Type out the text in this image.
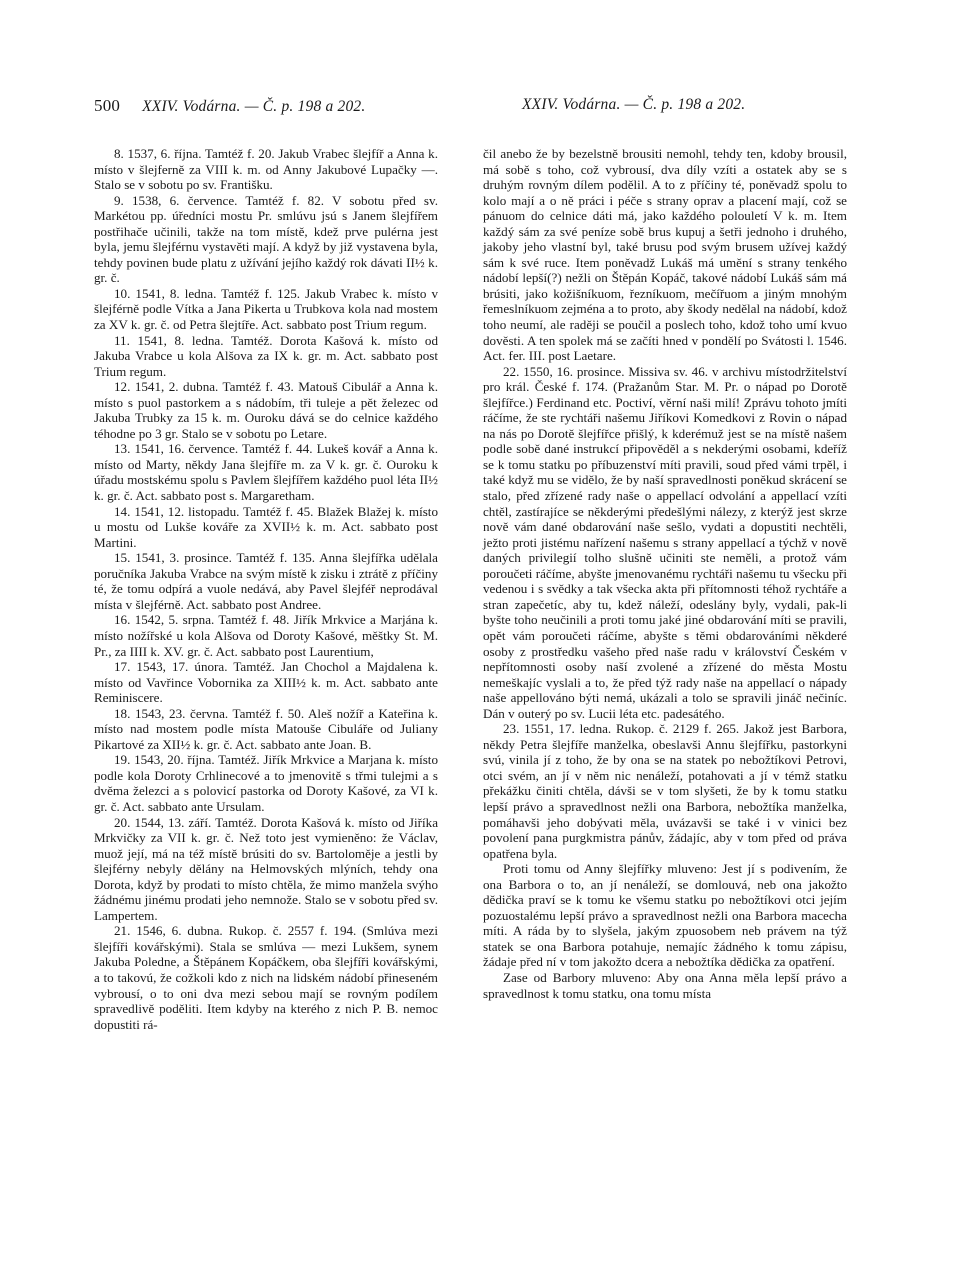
500 XXIV. Vodárna. — Č. p. 198 a 202.	XXIV. Vodárna. — Č. p. 198 a 202.

8. 1537, 6. října. Tamtéž f. 20. Jakub Vrabec šlejfíř a Anna k. místo v šlejferně za VIII k. m. od Anny Jakubové Lupačky —. Stalo se v sobotu po sv. Františku.

9. 1538, 6. července. Tamtéž f. 82. V sobotu před sv. Markétou pp. úředníci mostu Pr. smlúvu jsú s Janem šlejfířem postřihače učinili, takže na tom místě, kdež prve pulérna jest byla, jemu šlejférnu vystavěti mají. A když by již vystavena byla, tehdy povinen bude platu z užívání jejího každý rok dávati II½ k. gr. č.

10. 1541, 8. ledna. Tamtéž f. 125. Jakub Vrabec k. místo v šlejférně podle Vítka a Jana Pikerta u Trubkova kola nad mostem za XV k. gr. č. od Petra šlejtíře. Act. sabbato post Trium regum.

11. 1541, 8. ledna. Tamtéž. Dorota Kašová k. místo od Jakuba Vrabce u kola Alšova za IX k. gr. m. Act. sabbato post Trium regum.

12. 1541, 2. dubna. Tamtéž f. 43. Matouš Cibulář a Anna k. místo s puol pastorkem a s nádobím, tři tuleje a pět železec od Jakuba Trubky za 15 k. m. Ouroku dává se do celnice každého téhodne po 3 gr. Stalo se v sobotu po Letare.

13. 1541, 16. července. Tamtéž f. 44. Lukeš kovář a Anna k. místo od Marty, někdy Jana šlejfíře m. za V k. gr. č. Ouroku k úřadu mostskému spolu s Pavlem šlejfířem každého puol léta II½ k. gr. č. Act. sabbato post s. Margaretham.

14. 1541, 12. listopadu. Tamtéž f. 45. Blažek Blažej k. místo u mostu od Lukše kováře za XVII½ k. m. Act. sabbato post Martini.

15. 1541, 3. prosince. Tamtéž f. 135. Anna šlejfířka udělala poručníka Jakuba Vrabce na svým místě k zisku i ztrátě z příčiny té, že tomu odpírá a vuole nedává, aby Pavel šlejféř neprodával místa v šlejférně. Act. sabbato post Andree.

16. 1542, 5. srpna. Tamtéž f. 48. Jiřík Mrkvice a Marjána k. místo nožířské u kola Alšova od Doroty Kašové, měštky St. M. Pr., za IIII k. XV. gr. č. Act. sabbato post Laurentium,

17. 1543, 17. února. Tamtéž. Jan Chochol a Majdalena k. místo od Vavřince Vobornika za XIII½ k. m. Act. sabbato ante Reminiscere.

18. 1543, 23. června. Tamtéž f. 50. Aleš nožíř a Kateřina k. místo nad mostem podle místa Matouše Cibuláře od Juliany Pikartové za XII½ k. gr. č. Act. sabbato ante Joan. B.

19. 1543, 20. října. Tamtéž. Jiřík Mrkvice a Marjana k. místo podle kola Doroty Crhlinecové a to jmenovitě s třmi tulejmi a s dvěma železci a s polovicí pastorka od Doroty Kašové, za VI k. gr. č. Act. sabbato ante Ursulam.

20. 1544, 13. září. Tamtéž. Dorota Kašová k. místo od Jiříka Mrkvičky za VII k. gr. č. Než toto jest vymieněno: že Václav, muož její, má na též místě brúsiti do sv. Bartoloměje a jestli by šlejférny nebyly dělány na Helmovských mlýních, tehdy ona Dorota, když by prodati to místo chtěla, že mimo manžela svýho žádnému jinému prodati jeho nemnože. Stalo se v sobotu před sv. Lampertem.

21. 1546, 6. dubna. Rukop. č. 2557 f. 194. (Smlúva mezi šlejfíři kovářskými). Stala se smlúva — mezi Lukšem, synem Jakuba Poledne, a Štěpánem Kopáčkem, oba šlejfíři kovářskými, a to takovú, že cožkoli kdo z nich na lidském nádobí přineseném vybrousí, o to oni dva mezi sebou mají se rovným podílem spravedlivě poděliti. Item kdyby na kterého z nich P. B. nemoc dopustiti rá-

čil anebo že by bezelstně brousiti nemohl, tehdy ten, kdoby brousil, má sobě s toho, což vybrousí, dva díly vzíti a ostatek aby se s druhým rovným dílem podělil. A to z příčiny té, poněvadž spolu to kolo mají a o ně práci i péče s strany oprav a placení mají, což se pánuom do celnice dáti má, jako každého polouletí V k. m. Item každý sám za své peníze sobě brus kupuj a šetři jednoho i druhého, jakoby jeho vlastní byl, také brusu pod svým brusem užívej každý sám k své ruce. Item poněvadž Lukáš má umění s strany tenkého nádobí lepší(?) nežli on Štěpán Kopáč, takové nádobí Lukáš sám má brúsiti, jako kožišníkuom, řezníkuom, mečířuom a jiným mnohým řemeslníkuom zejména a to proto, aby škody nedělal na nádobí, kdož toho neumí, ale raději se poučil a poslech toho, kdož toho umí kvuo dověsti. A ten spolek má se začíti hned v pondělí po Svátosti l. 1546. Act. fer. III. post Laetare.

22. 1550, 16. prosince. Missiva sv. 46. v archivu místodržitelství pro král. České f. 174. (Pražanům Star. M. Pr. o nápad po Dorotě šlejfířce.) Ferdinand etc. Poctiví, věrní naši milí! Zprávu tohoto jmíti ráčíme, že ste rychtáři našemu Jiříkovi Komedkovi z Rovin o nápad na nás po Dorotě šlejfířce přišlý, k kderémuž jest se na místě našem podle sobě dané instrukcí připověděl a s nekderými osobami, kdeříž se k tomu statku po příbuzenství míti pravili, soud před vámi trpěl, i také když mu se vidělo, že by naší spravedlnosti poněkud skrácení se stalo, před zřízené rady naše o appellací odvolání a appellací vzíti chtěl, zastírajíce se někderými předešlými nálezy, z kterýž jest skrze nově vám dané obdarování naše sešlo, vydati a dopustiti nechtěli, ježto proti jistému nařízení našemu s strany appellací a týchž v nově daných privilegií tolho slušně učiniti ste neměli, a protož vám poroučeti ráčíme, abyšte jmenovanému rychtáři našemu tu všecku při vedenou i s svědky a tak všecka akta při přítomnosti téhož rychtáře a stran zapečetíc, aby tu, kdež náleží, odeslány byly, vydali, pak-li byšte toho neučinili a proti tomu jaké jiné obdarování míti se pravili, opět vám poroučeti ráčíme, abyšte s těmi obdarováními někderé osoby z prostředku vašeho před naše radu v království Českém v nepřítomnosti osoby naší zvolené a zřízené do města Mostu nemeškajíc vyslali a to, že před týž rady naše na appellací o nápady naše appellováno býti nemá, ukázali a tolo se spravili jináč nečiníc. Dán v outerý po sv. Lucii léta etc. padesátého.

23. 1551, 17. ledna. Rukop. č. 2129 f. 265. Jakož jest Barbora, někdy Petra šlejfíře manželka, obeslavši Annu šlejfířku, pastorkyni svú, vinila jí z toho, že by ona se na statek po nebožtíkovi Petrovi, otci svém, an jí v něm nic nenáleží, potahovati a jí v témž statku překážku činiti chtěla, dávši se v tom slyšeti, že by k tomu statku lepší právo a spravedlnost nežli ona Barbora, nebožtíka manželka, pomáhavši jeho dobývati měla, uvázavši se také i v vinici bez povolení pana purgkmistra pánův, žádajíc, aby v tom před od práva opatřena byla.

Proti tomu od Anny šlejfířky mluveno: Jest jí s podivením, že ona Barbora o to, an jí nenáleží, se domlouvá, neb ona jakožto dědička praví se k tomu ke všemu statku po nebožtíkovi otci jejím pozuostalému lepší právo a spravedlnost nežli ona Barbora macecha míti. A ráda by to slyšela, jakým zpuosobem neb právem na týž statek se ona Barbora potahuje, nemajíc žádného k tomu zápisu, žádaje před ní v tom jakožto dcera a nebožtíka dědička za opatření.

Zase od Barbory mluveno: Aby ona Anna měla lepší právo a spravedlnost k tomu statku, ona tomu místa
